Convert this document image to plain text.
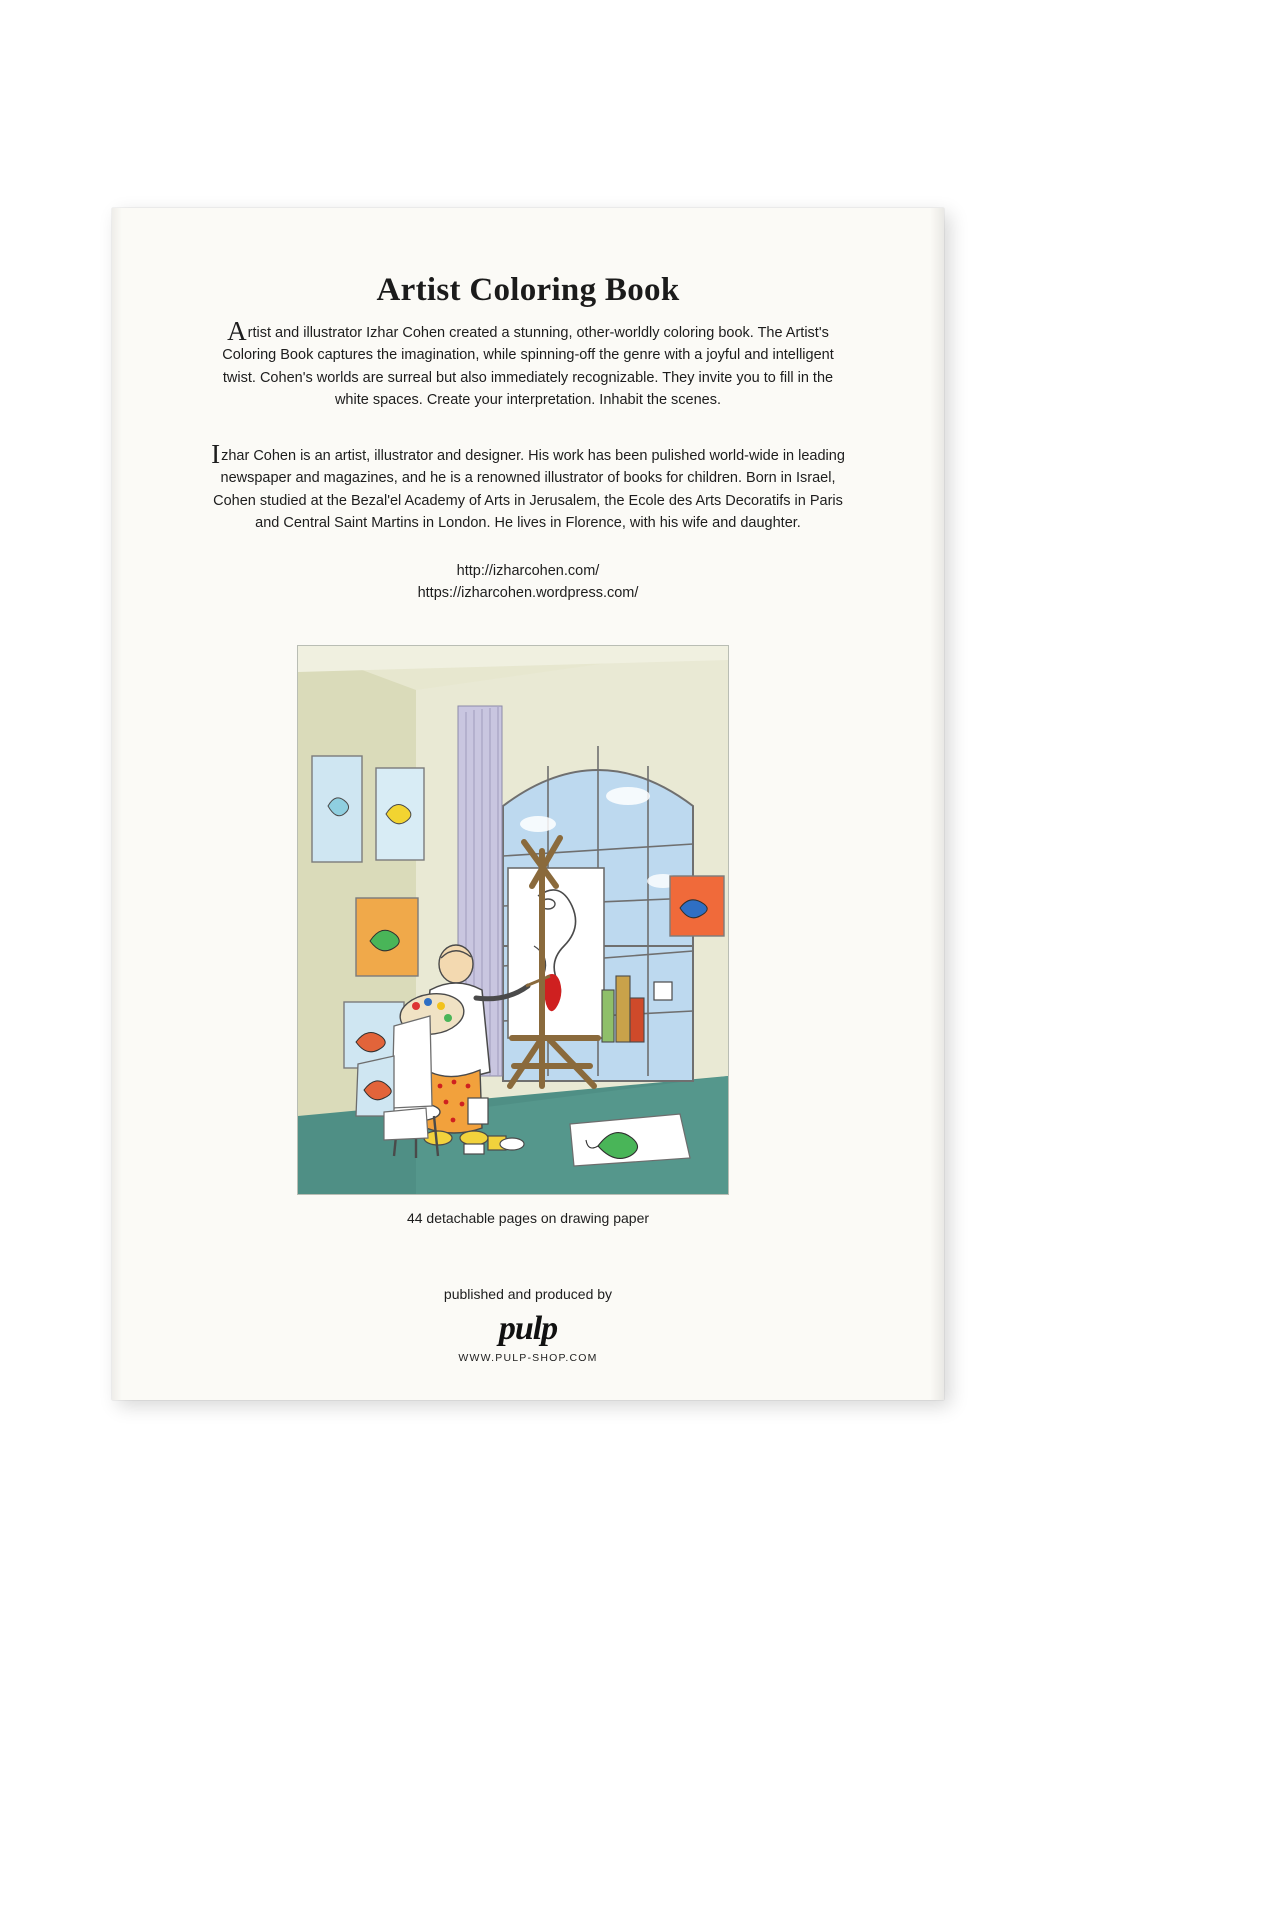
Artist Coloring Book

Artist and illustrator Izhar Cohen created a stunning, other-worldly coloring book. The Artist's Coloring Book captures the imagination, while spinning-off the genre with a joyful and intelligent twist. Cohen's worlds are surreal but also immediately recognizable. They invite you to fill in the white spaces. Create your interpretation. Inhabit the scenes.

Izhar Cohen is an artist, illustrator and designer. His work has been pulished world-wide in leading newspaper and magazines, and he is a renowned illustrator of books for children. Born in Israel, Cohen studied at the Bezal'el Academy of Arts in Jerusalem, the Ecole des Arts Decoratifs in Paris and Central Saint Martins in London. He lives in Florence, with his wife and daughter.

http://izharcohen.com/
https://izharcohen.wordpress.com/
44 detachable pages on drawing paper
published and produced by
pulp
WWW.PULP-SHOP.COM
